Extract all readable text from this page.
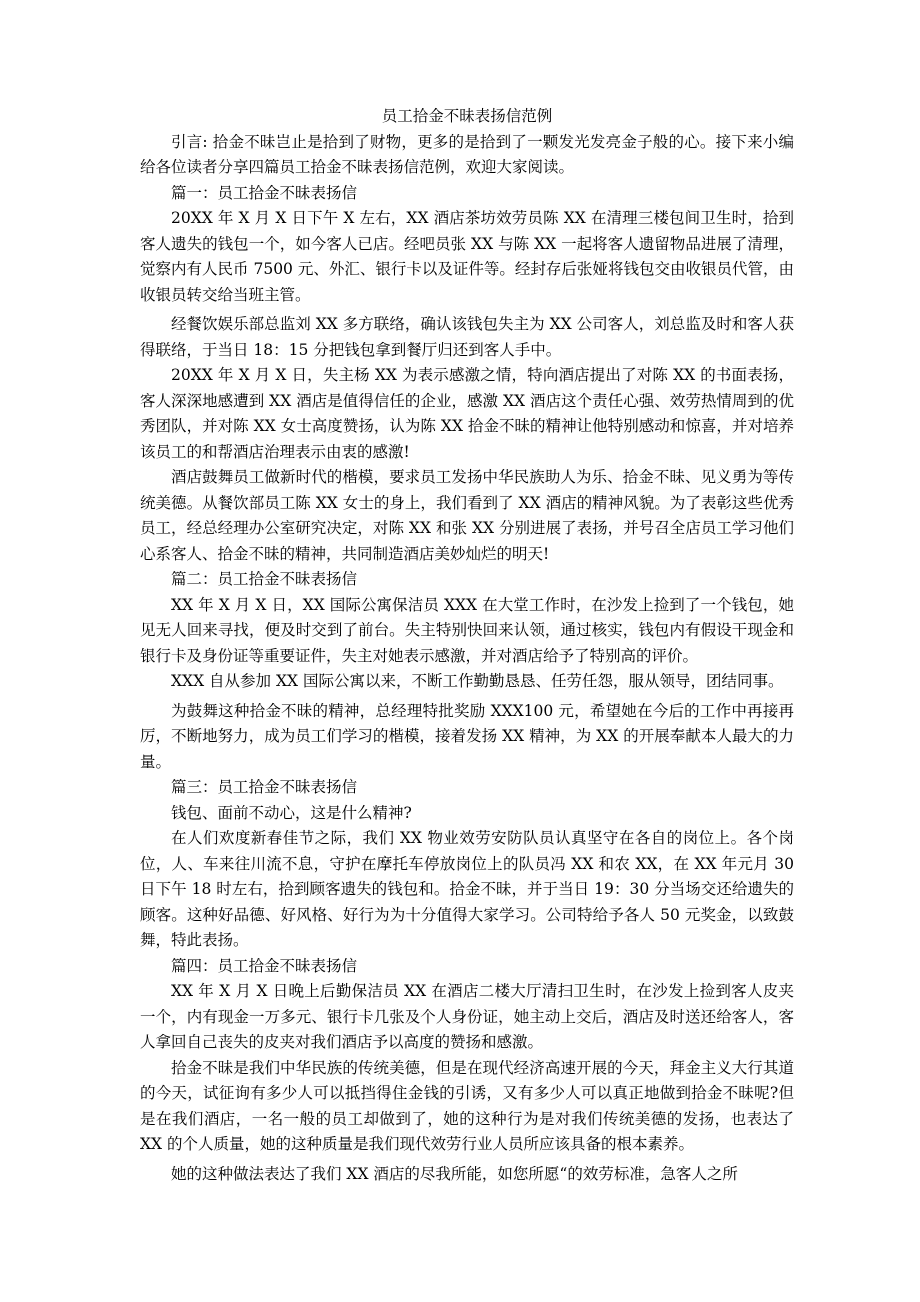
员工拾金不昧表扬信范例

引言: 拾金不昧岂止是拾到了财物，更多的是拾到了一颗发光发亮金子般的心。接下来小编给各位读者分享四篇员工拾金不昧表扬信范例，欢迎大家阅读。

篇一：员工拾金不昧表扬信

20XX 年 X 月 X 日下午 X 左右，XX 酒店茶坊效劳员陈 XX 在清理三楼包间卫生时，拾到客人遗失的钱包一个，如今客人已店。经吧员张 XX 与陈 XX 一起将客人遗留物品进展了清理，觉察内有人民币 7500 元、外汇、银行卡以及证件等。经封存后张娅将钱包交由收银员代管，由收银员转交给当班主管。

经餐饮娱乐部总监刘 XX 多方联络，确认该钱包失主为 XX 公司客人，刘总监及时和客人获得联络，于当日 18：15 分把钱包拿到餐厅归还到客人手中。

20XX 年 X 月 X 日，失主杨 XX 为表示感激之情，特向酒店提出了对陈 XX 的书面表扬，客人深深地感遭到 XX 酒店是值得信任的企业，感激 XX 酒店这个责任心强、效劳热情周到的优秀团队，并对陈 XX 女士高度赞扬，认为陈 XX 拾金不昧的精神让他特别感动和惊喜，并对培养该员工的和帮酒店治理表示由衷的感激!

酒店鼓舞员工做新时代的楷模，要求员工发扬中华民族助人为乐、拾金不昧、见义勇为等传统美德。从餐饮部员工陈 XX 女士的身上，我们看到了 XX 酒店的精神风貌。为了表彰这些优秀员工，经总经理办公室研究决定，对陈 XX 和张 XX 分别进展了表扬，并号召全店员工学习他们心系客人、拾金不昧的精神，共同制造酒店美妙灿烂的明天!

篇二：员工拾金不昧表扬信

XX 年 X 月 X 日，XX 国际公寓保洁员 XXX 在大堂工作时，在沙发上捡到了一个钱包，她见无人回来寻找，便及时交到了前台。失主特别快回来认领，通过核实，钱包内有假设干现金和银行卡及身份证等重要证件，失主对她表示感激，并对酒店给予了特别高的评价。

XXX 自从参加 XX 国际公寓以来，不断工作勤勤恳恳、任劳任怨，服从领导，团结同事。

为鼓舞这种拾金不昧的精神，总经理特批奖励 XXX100 元，希望她在今后的工作中再接再厉，不断地努力，成为员工们学习的楷模，接着发扬 XX 精神，为 XX 的开展奉献本人最大的力量。

篇三：员工拾金不昧表扬信

钱包、面前不动心，这是什么精神?

在人们欢度新春佳节之际，我们 XX 物业效劳安防队员认真坚守在各自的岗位上。各个岗位，人、车来往川流不息，守护在摩托车停放岗位上的队员冯 XX 和农 XX，在 XX 年元月 30 日下午 18 时左右，拾到顾客遗失的钱包和。拾金不昧，并于当日 19：30 分当场交还给遗失的顾客。这种好品德、好风格、好行为为十分值得大家学习。公司特给予各人 50 元奖金，以致鼓舞，特此表扬。

篇四：员工拾金不昧表扬信

XX 年 X 月 X 日晚上后勤保洁员 XX 在酒店二楼大厅清扫卫生时，在沙发上捡到客人皮夹一个，内有现金一万多元、银行卡几张及个人身份证，她主动上交后，酒店及时送还给客人，客人拿回自己丧失的皮夹对我们酒店予以高度的赞扬和感激。

拾金不昧是我们中华民族的传统美德，但是在现代经济高速开展的今天，拜金主义大行其道的今天，试征询有多少人可以抵挡得住金钱的引诱，又有多少人可以真正地做到拾金不昧呢?但是在我们酒店，一名一般的员工却做到了，她的这种行为是对我们传统美德的发扬，也表达了 XX 的个人质量，她的这种质量是我们现代效劳行业人员所应该具备的根本素养。

她的这种做法表达了我们 XX 酒店的尽我所能，如您所愿“的效劳标准，急客人之所
